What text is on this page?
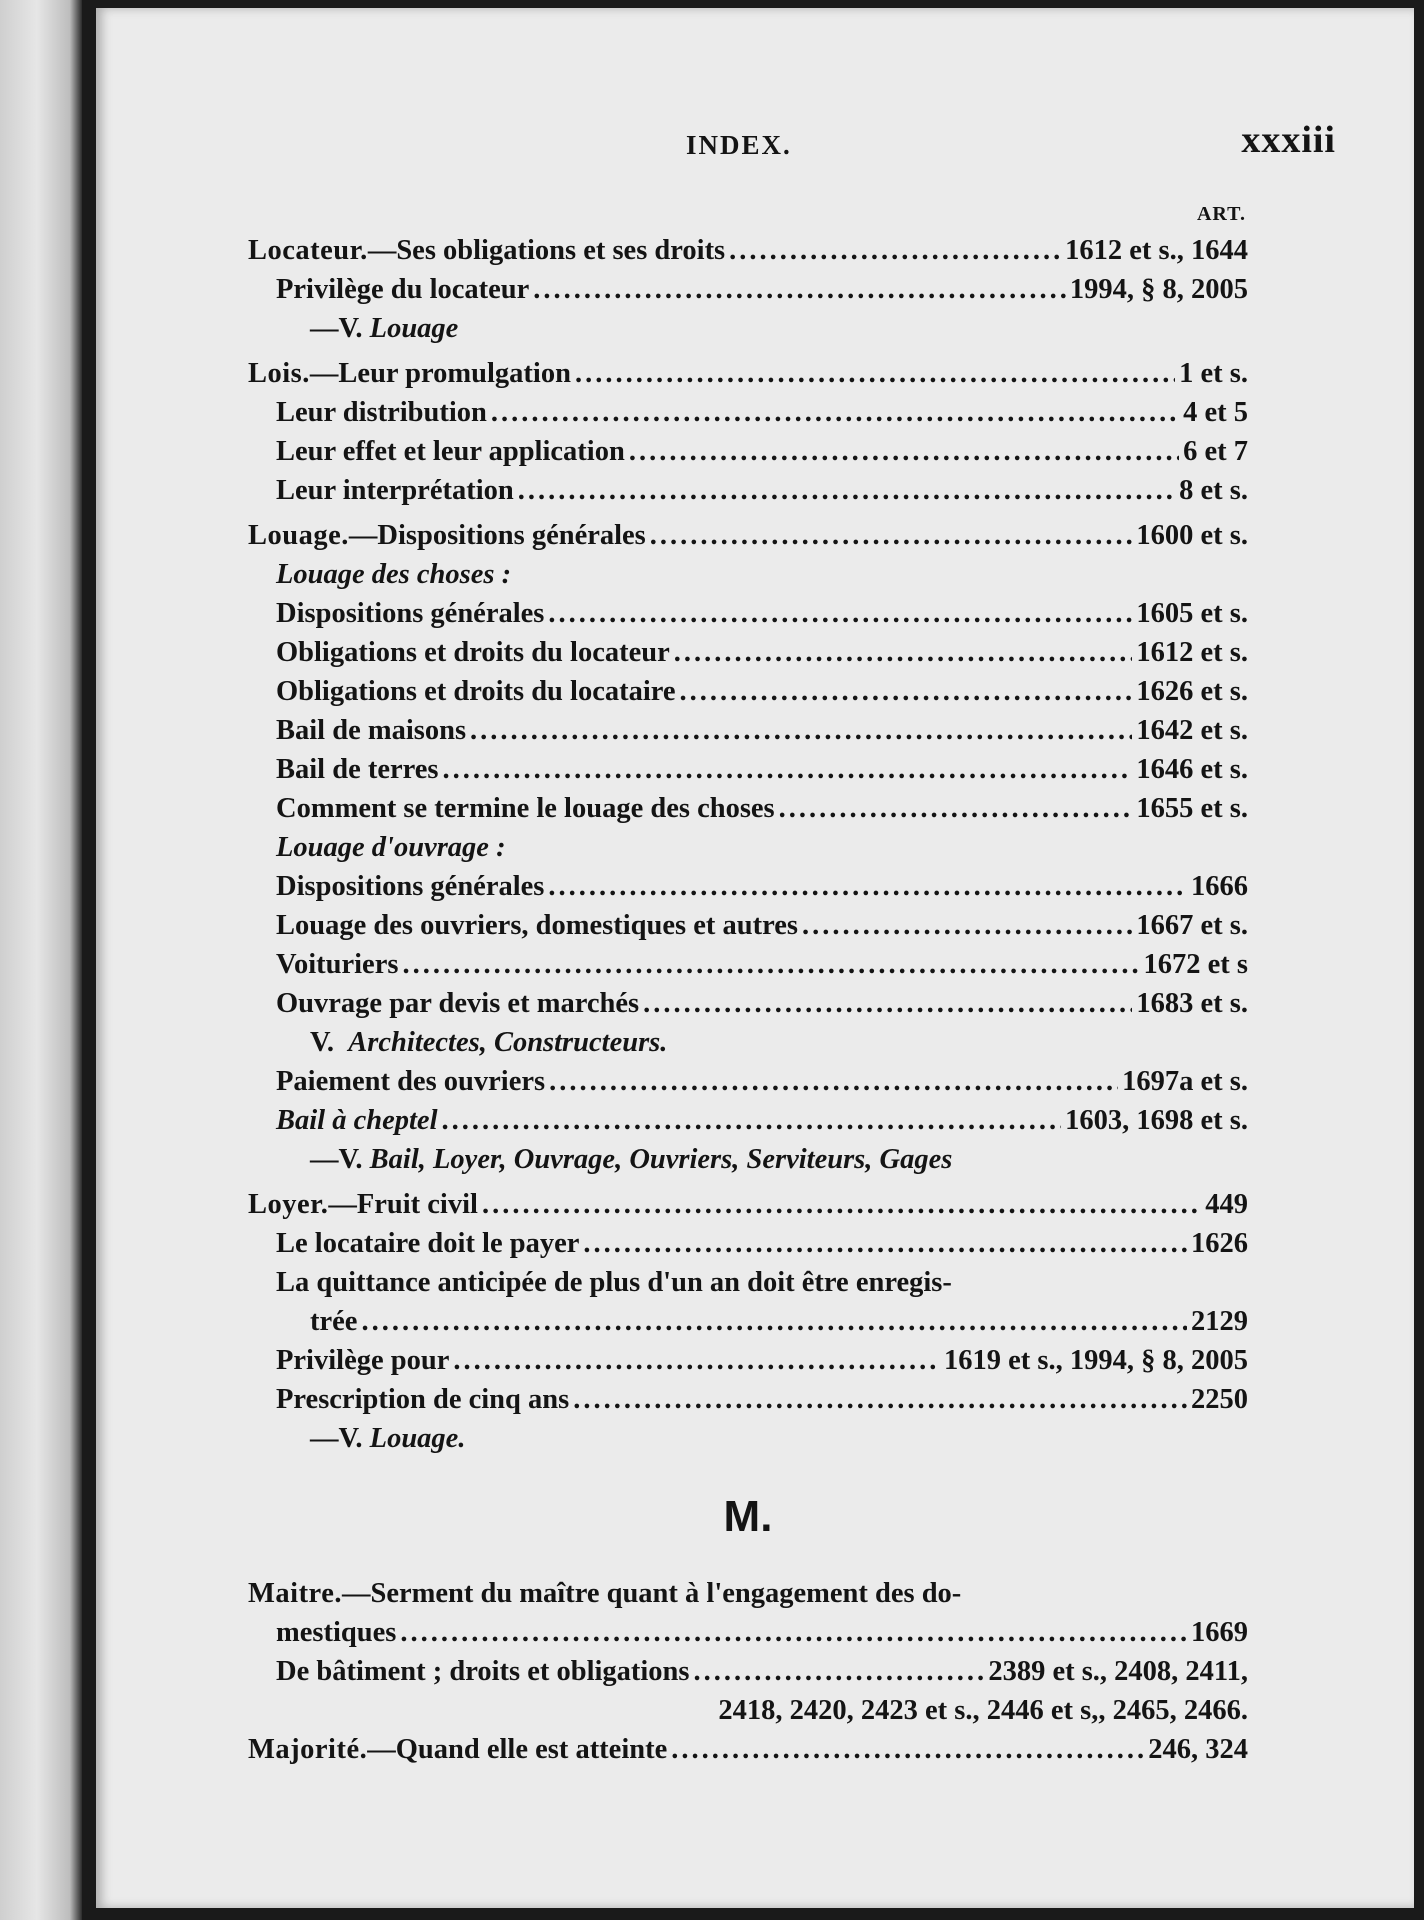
INDEX.	xxxiii
ART.
Locateur.—Ses obligations et ses droits .....	1612 et s., 1644
Privilège du locateur .....	1994, § 8, 2005
—V. Louage
Lois.—Leur promulgation .....	1 et s.
Leur distribution .....	4 et 5
Leur effet et leur application .....	6 et 7
Leur interprétation .....	8 et s.
Louage.—Dispositions générales .....	1600 et s.
Louage des choses :
Dispositions générales .....	1605 et s.
Obligations et droits du locateur .....	1612 et s.
Obligations et droits du locataire .....	1626 et s.
Bail de maisons .....	1642 et s.
Bail de terres .....	1646 et s.
Comment se termine le louage des choses .....	1655 et s.
Louage d'ouvrage :
Dispositions générales .....	1666
Louage des ouvriers, domestiques et autres .....	1667 et s.
Voituriers .....	1672 et s
Ouvrage par devis et marchés .....	1683 et s.
V. Architectes, Constructeurs.
Paiement des ouvriers .....	1697a et s.
Bail à cheptel .....	1603, 1698 et s.
—V. Bail, Loyer, Ouvrage, Ouvriers, Serviteurs, Gages
Loyer.—Fruit civil .....	449
Le locataire doit le payer .....	1626
La quittance anticipée de plus d'un an doit être enregis-
trée .....	2129
Privilège pour .....	1619 et s., 1994, § 8, 2005
Prescription de cinq ans .....	2250
—V. Louage.
M.
Maitre.—Serment du maître quant à l'engagement des do-
mestiques .....	1669
De bâtiment ; droits et obligations .....	2389 et s., 2408, 2411,
2418, 2420, 2423 et s., 2446 et s,, 2465, 2466.
Majorité.—Quand elle est atteinte .....	246, 324
